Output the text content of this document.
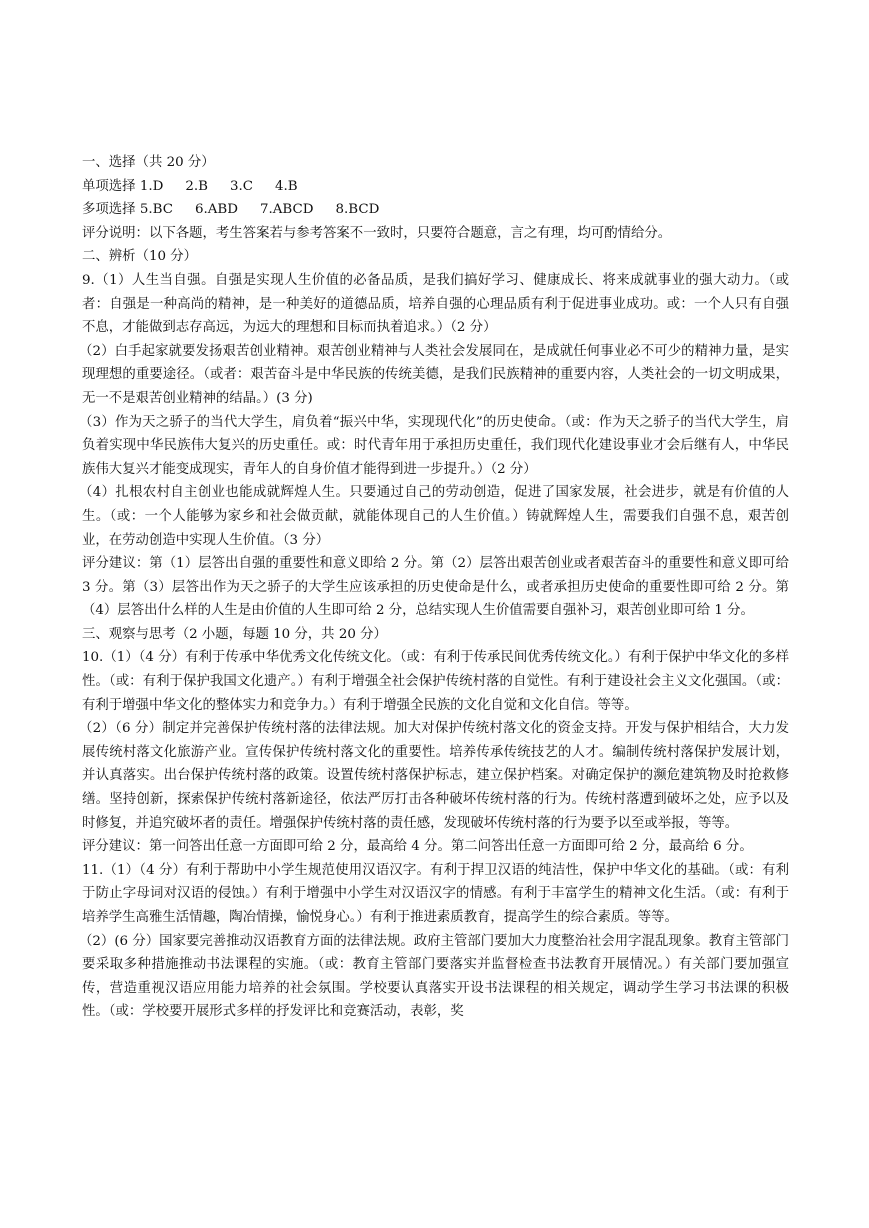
一、选择（共 20 分）

单项选择 1.D 2.B 3.C 4.B

多项选择 5.BC 6.ABD 7.ABCD 8.BCD

评分说明：以下各题，考生答案若与参考答案不一致时，只要符合题意，言之有理，均可酌情给分。

二、辨析（10 分）

9.（1）人生当自强。自强是实现人生价值的必备品质，是我们搞好学习、健康成长、将来成就事业的强大动力。（或者：自强是一种高尚的精神，是一种美好的道德品质，培养自强的心理品质有利于促进事业成功。或：一个人只有自强不息，才能做到志存高远，为远大的理想和目标而执着追求。）（2 分）

（2）白手起家就要发扬艰苦创业精神。艰苦创业精神与人类社会发展同在，是成就任何事业必不可少的精神力量，是实现理想的重要途径。（或者：艰苦奋斗是中华民族的传统美德，是我们民族精神的重要内容，人类社会的一切文明成果，无一不是艰苦创业精神的结晶。）(3 分)

（3）作为天之骄子的当代大学生，肩负着“振兴中华，实现现代化”的历史使命。（或：作为天之骄子的当代大学生，肩负着实现中华民族伟大复兴的历史重任。或：时代青年用于承担历史重任，我们现代化建设事业才会后继有人，中华民族伟大复兴才能变成现实，青年人的自身价值才能得到进一步提升。）（2 分）

（4）扎根农村自主创业也能成就辉煌人生。只要通过自己的劳动创造，促进了国家发展，社会进步，就是有价值的人生。（或：一个人能够为家乡和社会做贡献，就能体现自己的人生价值。）铸就辉煌人生，需要我们自强不息，艰苦创业，在劳动创造中实现人生价值。（3 分）

评分建议：第（1）层答出自强的重要性和意义即给 2 分。第（2）层答出艰苦创业或者艰苦奋斗的重要性和意义即可给 3 分。第（3）层答出作为天之骄子的大学生应该承担的历史使命是什么，或者承担历史使命的重要性即可给 2 分。第（4）层答出什么样的人生是由价值的人生即可给 2 分，总结实现人生价值需要自强补习，艰苦创业即可给 1 分。

三、观察与思考（2 小题，每题 10 分，共 20 分）

10.（1）（4 分）有利于传承中华优秀文化传统文化。（或：有利于传承民间优秀传统文化。）有利于保护中华文化的多样性。（或：有利于保护我国文化遗产。）有利于增强全社会保护传统村落的自觉性。有利于建设社会主义文化强国。（或：有利于增强中华文化的整体实力和竞争力。）有利于增强全民族的文化自觉和文化自信。等等。

（2）（6 分）制定并完善保护传统村落的法律法规。加大对保护传统村落文化的资金支持。开发与保护相结合，大力发展传统村落文化旅游产业。宣传保护传统村落文化的重要性。培养传承传统技艺的人才。编制传统村落保护发展计划，并认真落实。出台保护传统村落的政策。设置传统村落保护标志，建立保护档案。对确定保护的濒危建筑物及时抢救修缮。坚持创新，探索保护传统村落新途径，依法严厉打击各种破坏传统村落的行为。传统村落遭到破坏之处，应予以及时修复，并追究破坏者的责任。增强保护传统村落的责任感，发现破坏传统村落的行为要予以至或举报，等等。

评分建议：第一问答出任意一方面即可给 2 分，最高给 4 分。第二问答出任意一方面即可给 2 分，最高给 6 分。

11.（1）（4 分）有利于帮助中小学生规范使用汉语汉字。有利于捍卫汉语的纯洁性，保护中华文化的基础。（或：有利于防止字母词对汉语的侵蚀。）有利于增强中小学生对汉语汉字的情感。有利于丰富学生的精神文化生活。（或：有利于培养学生高雅生活情趣，陶冶情操，愉悦身心。）有利于推进素质教育，提高学生的综合素质。等等。

（2）(6 分）国家要完善推动汉语教育方面的法律法规。政府主管部门要加大力度整治社会用字混乱现象。教育主管部门要采取多种措施推动书法课程的实施。（或：教育主管部门要落实并监督检查书法教育开展情况。）有关部门要加强宣传，营造重视汉语应用能力培养的社会氛围。学校要认真落实开设书法课程的相关规定，调动学生学习书法课的积极性。（或：学校要开展形式多样的抒发评比和竞赛活动，表彰，奖
